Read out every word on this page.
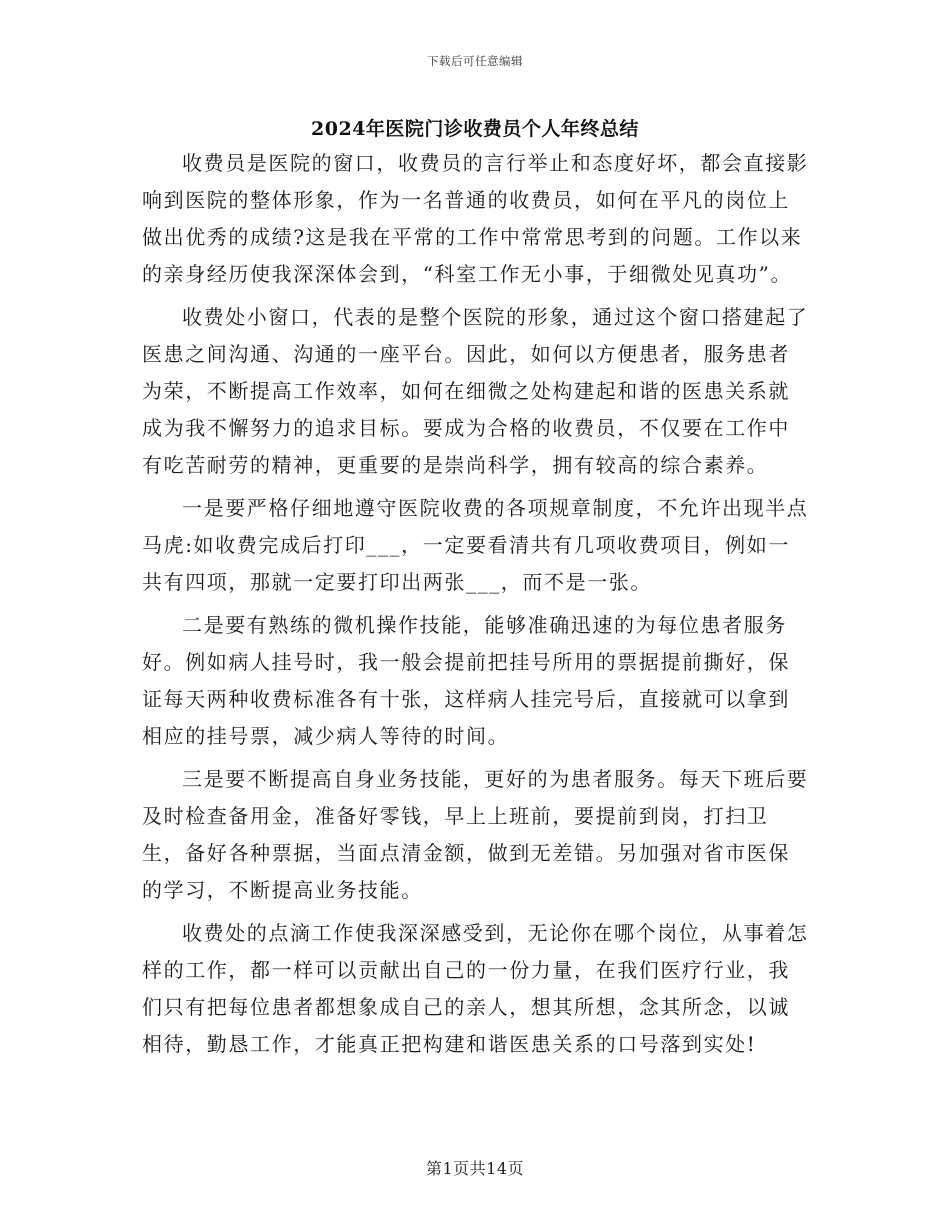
下载后可任意编辑
2024年医院门诊收费员个人年终总结

收费员是医院的窗口，收费员的言行举止和态度好坏，都会直接影响到医院的整体形象，作为一名普通的收费员，如何在平凡的岗位上做出优秀的成绩?这是我在平常的工作中常常思考到的问题。工作以来的亲身经历使我深深体会到，“科室工作无小事，于细微处见真功”。

收费处小窗口，代表的是整个医院的形象，通过这个窗口搭建起了医患之间沟通、沟通的一座平台。因此，如何以方便患者，服务患者为荣，不断提高工作效率，如何在细微之处构建起和谐的医患关系就成为我不懈努力的追求目标。要成为合格的收费员，不仅要在工作中有吃苦耐劳的精神，更重要的是崇尚科学，拥有较高的综合素养。

一是要严格仔细地遵守医院收费的各项规章制度，不允许出现半点马虎:如收费完成后打印___，一定要看清共有几项收费项目，例如一共有四项，那就一定要打印出两张___，而不是一张。

二是要有熟练的微机操作技能，能够准确迅速的为每位患者服务好。例如病人挂号时，我一般会提前把挂号所用的票据提前撕好，保证每天两种收费标准各有十张，这样病人挂完号后，直接就可以拿到相应的挂号票，减少病人等待的时间。

三是要不断提高自身业务技能，更好的为患者服务。每天下班后要及时检查备用金，准备好零钱，早上上班前，要提前到岗，打扫卫生，备好各种票据，当面点清金额，做到无差错。另加强对省市医保的学习，不断提高业务技能。

收费处的点滴工作使我深深感受到，无论你在哪个岗位，从事着怎样的工作，都一样可以贡献出自己的一份力量，在我们医疗行业，我们只有把每位患者都想象成自己的亲人，想其所想，念其所念，以诚相待，勤恳工作，才能真正把构建和谐医患关系的口号落到实处!

第1页共14页
